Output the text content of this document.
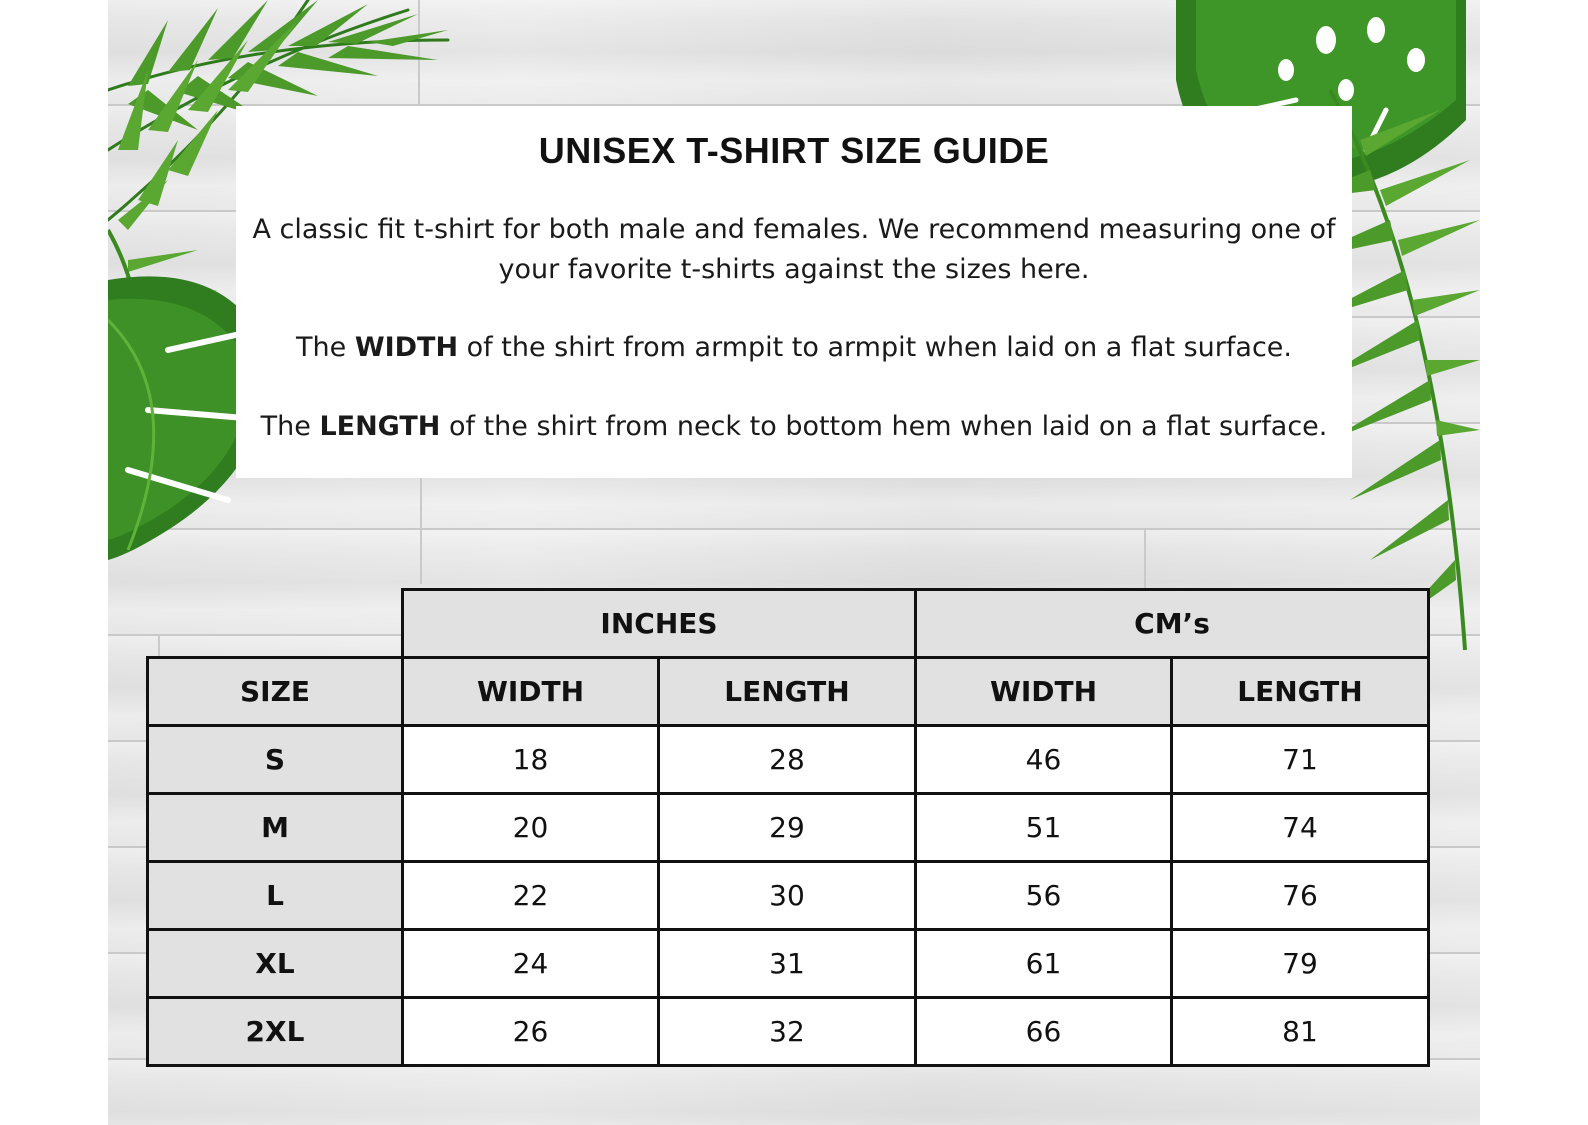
UNISEX T-SHIRT SIZE GUIDE
A classic fit t-shirt for both male and females. We recommend measuring one of
your favorite t-shirts against the sizes here.
The WIDTH of the shirt from armpit to armpit when laid on a flat surface.
The LENGTH of the shirt from neck to bottom hem when laid on a flat surface.
INCHES	CM’s
SIZE	WIDTH	LENGTH	WIDTH	LENGTH
S	18	28	46	71
M	20	29	51	74
L	22	30	56	76
XL	24	31	61	79
2XL	26	32	66	81
